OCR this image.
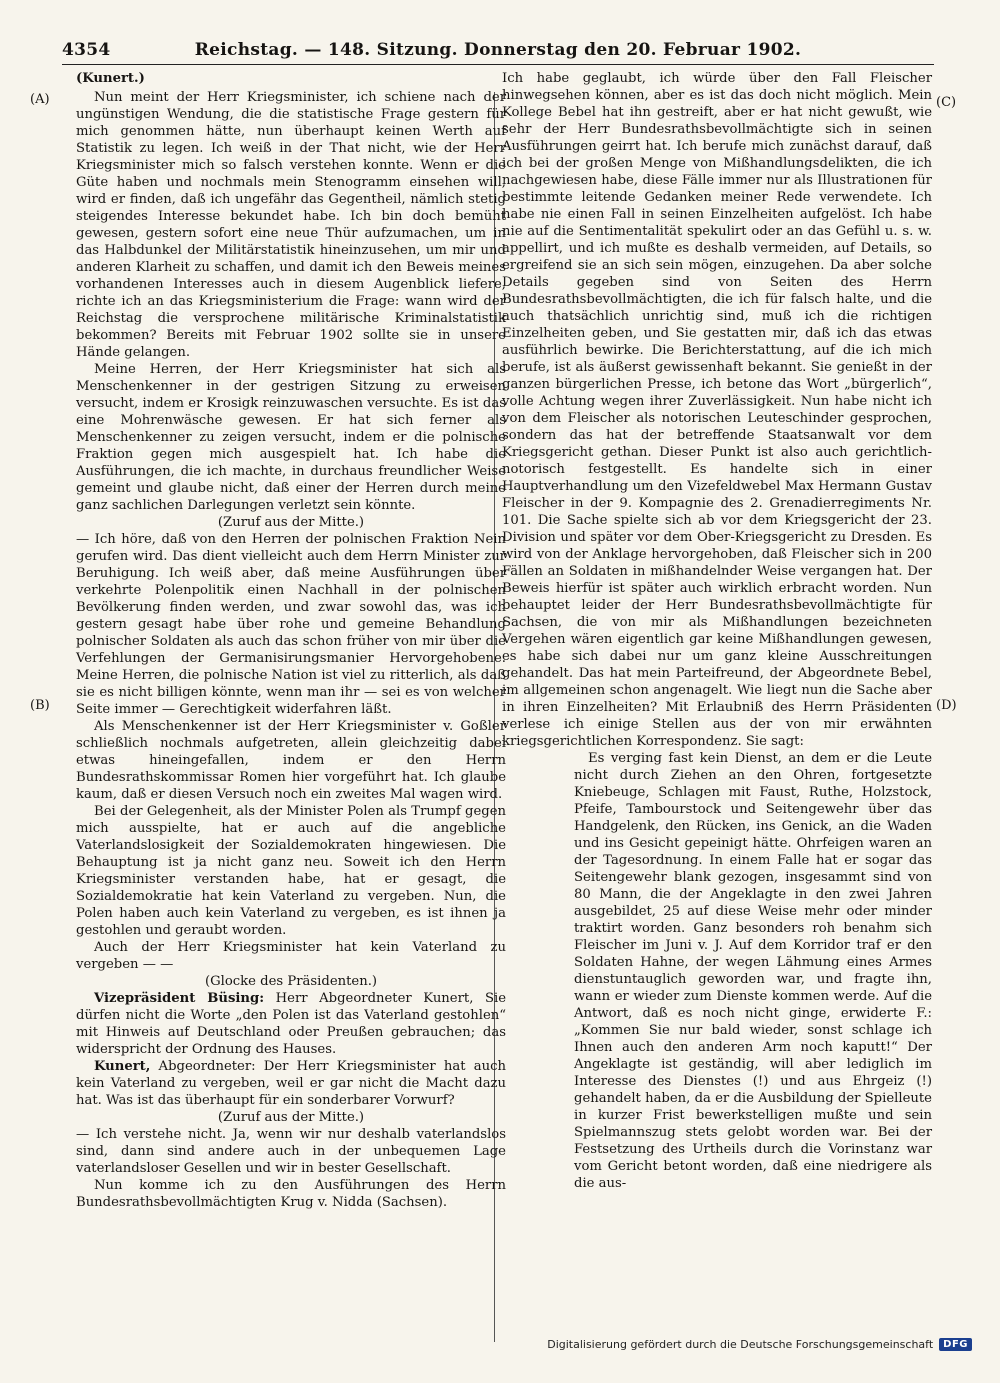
4354	Reichstag. — 148. Sitzung. Donnerstag den 20. Februar 1902.
(A)
(B)
(C)
(D)

(Kunert.)

Nun meint der Herr Kriegsminister, ich schiene nach der ungünstigen Wendung, die die statistische Frage gestern für mich genommen hätte, nun überhaupt keinen Werth auf Statistik zu legen. Ich weiß in der That nicht, wie der Herr Kriegsminister mich so falsch verstehen konnte. Wenn er die Güte haben und nochmals mein Stenogramm einsehen will, wird er finden, daß ich ungefähr das Gegentheil, nämlich stetig steigendes Interesse bekundet habe. Ich bin doch bemüht gewesen, gestern sofort eine neue Thür aufzumachen, um in das Halbdunkel der Militärstatistik hineinzusehen, um mir und anderen Klarheit zu schaffen, und damit ich den Beweis meines vorhandenen Interesses auch in diesem Augenblick liefere, richte ich an das Kriegsministerium die Frage: wann wird der Reichstag die versprochene militärische Kriminalstatistik bekommen? Bereits mit Februar 1902 sollte sie in unsere Hände gelangen.

Meine Herren, der Herr Kriegsminister hat sich als Menschenkenner in der gestrigen Sitzung zu erweisen versucht, indem er Krosigk reinzuwaschen versuchte. Es ist das eine Mohrenwäsche gewesen. Er hat sich ferner als Menschenkenner zu zeigen versucht, indem er die polnische Fraktion gegen mich ausgespielt hat. Ich habe die Ausführungen, die ich machte, in durchaus freundlicher Weise gemeint und glaube nicht, daß einer der Herren durch meine ganz sachlichen Darlegungen verletzt sein könnte.

(Zuruf aus der Mitte.)

— Ich höre, daß von den Herren der polnischen Fraktion Nein gerufen wird. Das dient vielleicht auch dem Herrn Minister zur Beruhigung. Ich weiß aber, daß meine Ausführungen über verkehrte Polenpolitik einen Nachhall in der polnischen Bevölkerung finden werden, und zwar sowohl das, was ich gestern gesagt habe über rohe und gemeine Behandlung polnischer Soldaten als auch das schon früher von mir über die Verfehlungen der Germanisirungsmanier Hervorgehobene. Meine Herren, die polnische Nation ist viel zu ritterlich, als daß sie es nicht billigen könnte, wenn man ihr — sei es von welcher Seite immer — Gerechtigkeit widerfahren läßt.

Als Menschenkenner ist der Herr Kriegsminister v. Goßler schließlich nochmals aufgetreten, allein gleichzeitig dabei etwas hineingefallen, indem er den Herrn Bundesrathskommissar Romen hier vorgeführt hat. Ich glaube kaum, daß er diesen Versuch noch ein zweites Mal wagen wird.

Bei der Gelegenheit, als der Minister Polen als Trumpf gegen mich ausspielte, hat er auch auf die angebliche Vaterlandslosigkeit der Sozialdemokraten hingewiesen. Die Behauptung ist ja nicht ganz neu. Soweit ich den Herrn Kriegsminister verstanden habe, hat er gesagt, die Sozialdemokratie hat kein Vaterland zu vergeben. Nun, die Polen haben auch kein Vaterland zu vergeben, es ist ihnen ja gestohlen und geraubt worden.

Auch der Herr Kriegsminister hat kein Vaterland zu vergeben — —

(Glocke des Präsidenten.)

Vizepräsident Büsing: Herr Abgeordneter Kunert, Sie dürfen nicht die Worte „den Polen ist das Vaterland gestohlen“ mit Hinweis auf Deutschland oder Preußen gebrauchen; das widerspricht der Ordnung des Hauses.

Kunert, Abgeordneter: Der Herr Kriegsminister hat auch kein Vaterland zu vergeben, weil er gar nicht die Macht dazu hat. Was ist das überhaupt für ein sonderbarer Vorwurf?

(Zuruf aus der Mitte.)

— Ich verstehe nicht. Ja, wenn wir nur deshalb vaterlandslos sind, dann sind andere auch in der unbequemen Lage vaterlandsloser Gesellen und wir in bester Gesellschaft.

Nun komme ich zu den Ausführungen des Herrn Bundesrathsbevollmächtigten Krug v. Nidda (Sachsen).

Ich habe geglaubt, ich würde über den Fall Fleischer hinwegsehen können, aber es ist das doch nicht möglich. Mein Kollege Bebel hat ihn gestreift, aber er hat nicht gewußt, wie sehr der Herr Bundesrathsbevollmächtigte sich in seinen Ausführungen geirrt hat. Ich berufe mich zunächst darauf, daß ich bei der großen Menge von Mißhandlungsdelikten, die ich nachgewiesen habe, diese Fälle immer nur als Illustrationen für bestimmte leitende Gedanken meiner Rede verwendete. Ich habe nie einen Fall in seinen Einzelheiten aufgelöst. Ich habe nie auf die Sentimentalität spekulirt oder an das Gefühl u. s. w. appellirt, und ich mußte es deshalb vermeiden, auf Details, so ergreifend sie an sich sein mögen, einzugehen. Da aber solche Details gegeben sind von Seiten des Herrn Bundesrathsbevollmächtigten, die ich für falsch halte, und die auch thatsächlich unrichtig sind, muß ich die richtigen Einzelheiten geben, und Sie gestatten mir, daß ich das etwas ausführlich bewirke. Die Berichterstattung, auf die ich mich berufe, ist als äußerst gewissenhaft bekannt. Sie genießt in der ganzen bürgerlichen Presse, ich betone das Wort „bürgerlich“, volle Achtung wegen ihrer Zuverlässigkeit. Nun habe nicht ich von dem Fleischer als notorischen Leuteschinder gesprochen, sondern das hat der betreffende Staatsanwalt vor dem Kriegsgericht gethan. Dieser Punkt ist also auch gerichtlich-notorisch festgestellt. Es handelte sich in einer Hauptverhandlung um den Vizefeldwebel Max Hermann Gustav Fleischer in der 9. Kompagnie des 2. Grenadierregiments Nr. 101. Die Sache spielte sich ab vor dem Kriegsgericht der 23. Division und später vor dem Ober-Kriegsgericht zu Dresden. Es wird von der Anklage hervorgehoben, daß Fleischer sich in 200 Fällen an Soldaten in mißhandelnder Weise vergangen hat. Der Beweis hierfür ist später auch wirklich erbracht worden. Nun behauptet leider der Herr Bundesrathsbevollmächtigte für Sachsen, die von mir als Mißhandlungen bezeichneten Vergehen wären eigentlich gar keine Mißhandlungen gewesen, es habe sich dabei nur um ganz kleine Ausschreitungen gehandelt. Das hat mein Parteifreund, der Abgeordnete Bebel, im allgemeinen schon angenagelt. Wie liegt nun die Sache aber in ihren Einzelheiten? Mit Erlaubniß des Herrn Präsidenten verlese ich einige Stellen aus der von mir erwähnten kriegsgerichtlichen Korrespondenz. Sie sagt:

Es verging fast kein Dienst, an dem er die Leute nicht durch Ziehen an den Ohren, fortgesetzte Kniebeuge, Schlagen mit Faust, Ruthe, Holzstock, Pfeife, Tambourstock und Seitengewehr über das Handgelenk, den Rücken, ins Genick, an die Waden und ins Gesicht gepeinigt hätte. Ohrfeigen waren an der Tagesordnung. In einem Falle hat er sogar das Seitengewehr blank gezogen, insgesammt sind von 80 Mann, die der Angeklagte in den zwei Jahren ausgebildet, 25 auf diese Weise mehr oder minder traktirt worden. Ganz besonders roh benahm sich Fleischer im Juni v. J. Auf dem Korridor traf er den Soldaten Hahne, der wegen Lähmung eines Armes dienstuntauglich geworden war, und fragte ihn, wann er wieder zum Dienste kommen werde. Auf die Antwort, daß es noch nicht ginge, erwiderte F.: „Kommen Sie nur bald wieder, sonst schlage ich Ihnen auch den anderen Arm noch kaputt!“ Der Angeklagte ist geständig, will aber lediglich im Interesse des Dienstes (!) und aus Ehrgeiz (!) gehandelt haben, da er die Ausbildung der Spielleute in kurzer Frist bewerkstelligen mußte und sein Spielmannszug stets gelobt worden war. Bei der Festsetzung des Urtheils durch die Vorinstanz war vom Gericht betont worden, daß eine niedrigere als die aus-

Digitalisierung gefördert durch die Deutsche Forschungsgemeinschaft	DFG
